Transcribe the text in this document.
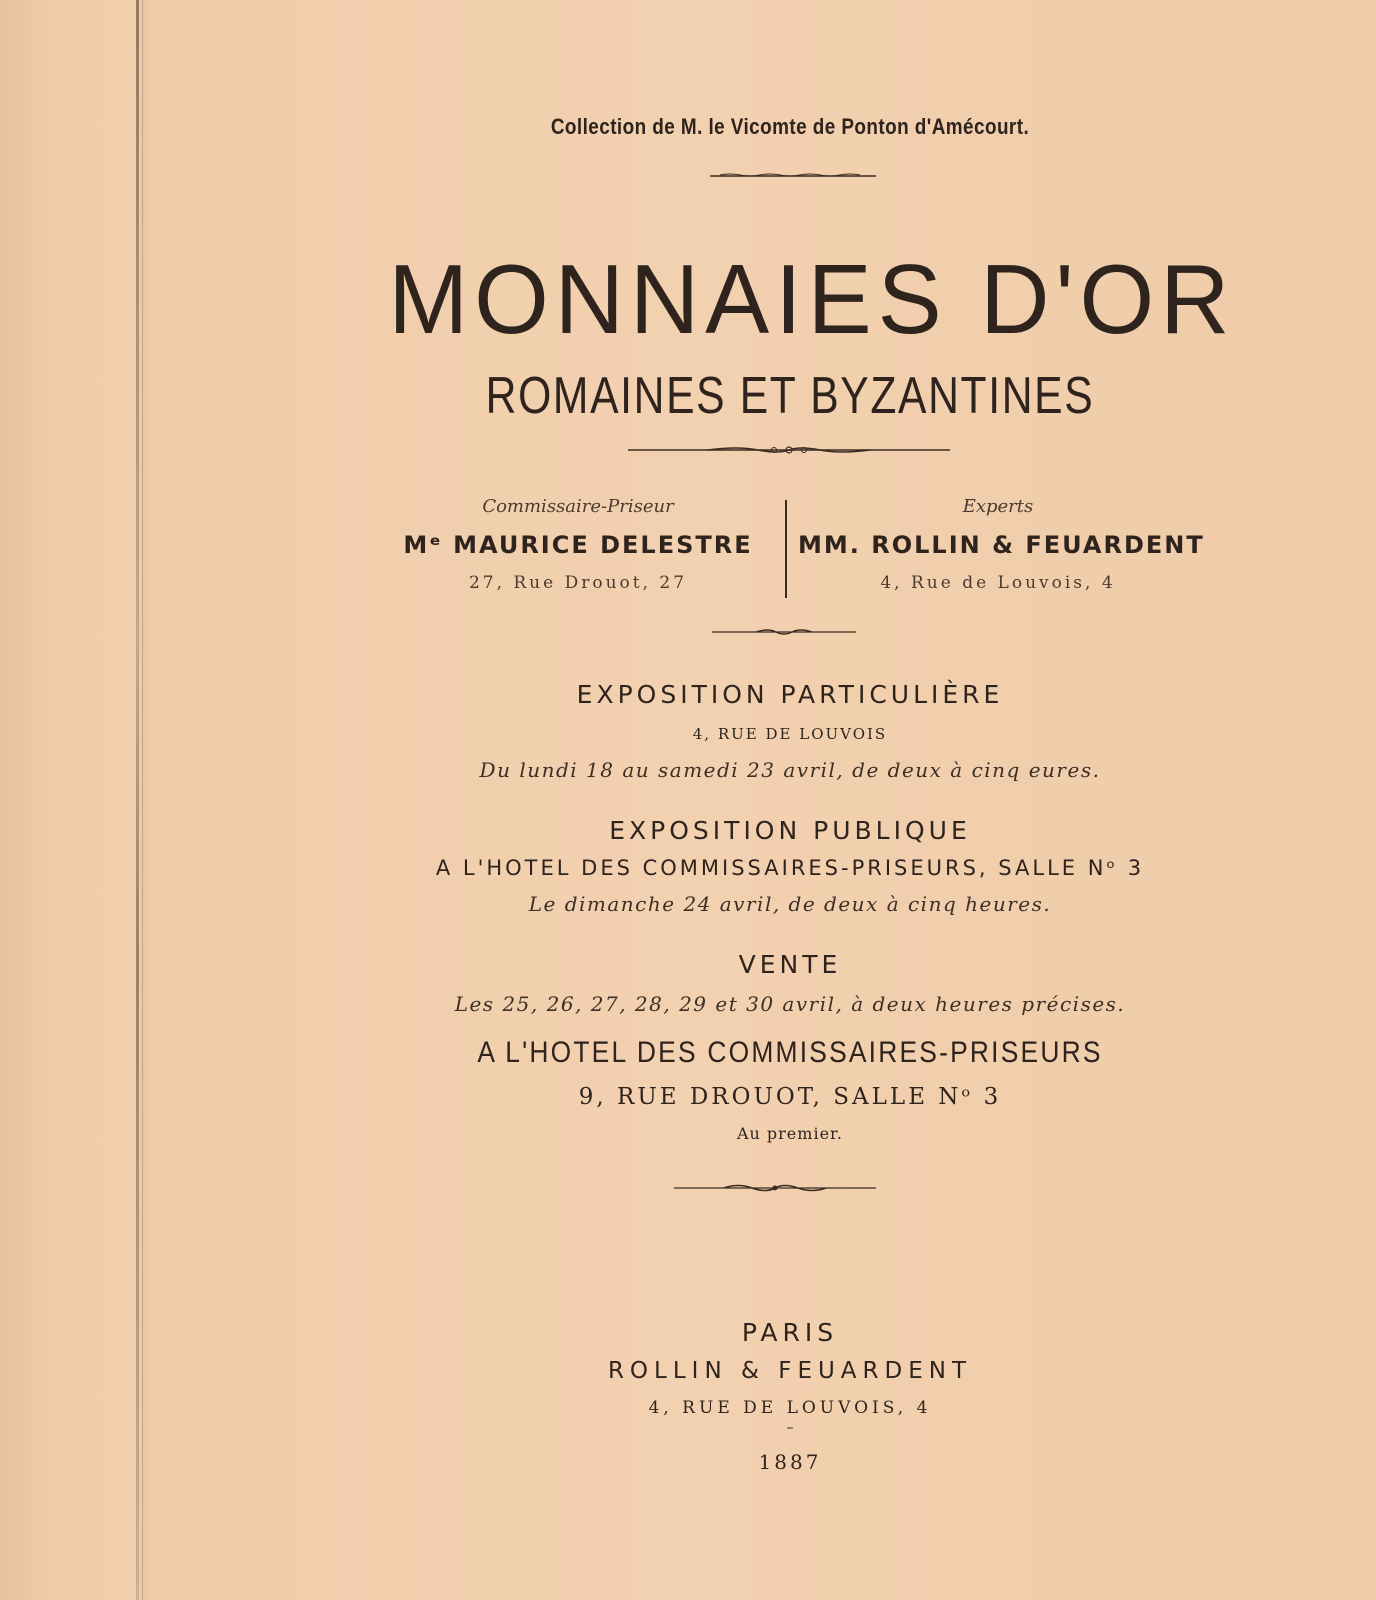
Collection de M. le Vicomte de Ponton d'Amécourt.
MONNAIES D'OR
ROMAINES ET BYZANTINES
Commissaire-Priseur
Mᵉ MAURICE DELESTRE
27, Rue Drouot, 27
Experts
MM. ROLLIN & FEUARDENT
4, Rue de Louvois, 4
EXPOSITION PARTICULIÈRE
4, RUE DE LOUVOIS
Du lundi 18 au samedi 23 avril, de deux à cinq eures.
EXPOSITION PUBLIQUE
A L'HOTEL DES COMMISSAIRES-PRISEURS, SALLE Nᵒ 3
Le dimanche 24 avril, de deux à cinq heures.
VENTE
Les 25, 26, 27, 28, 29 et 30 avril, à deux heures précises.
A L'HOTEL DES COMMISSAIRES-PRISEURS
9, RUE DROUOT, SALLE Nᵒ 3
Au premier.
PARIS
ROLLIN & FEUARDENT
4, RUE DE LOUVOIS, 4
–
1887
